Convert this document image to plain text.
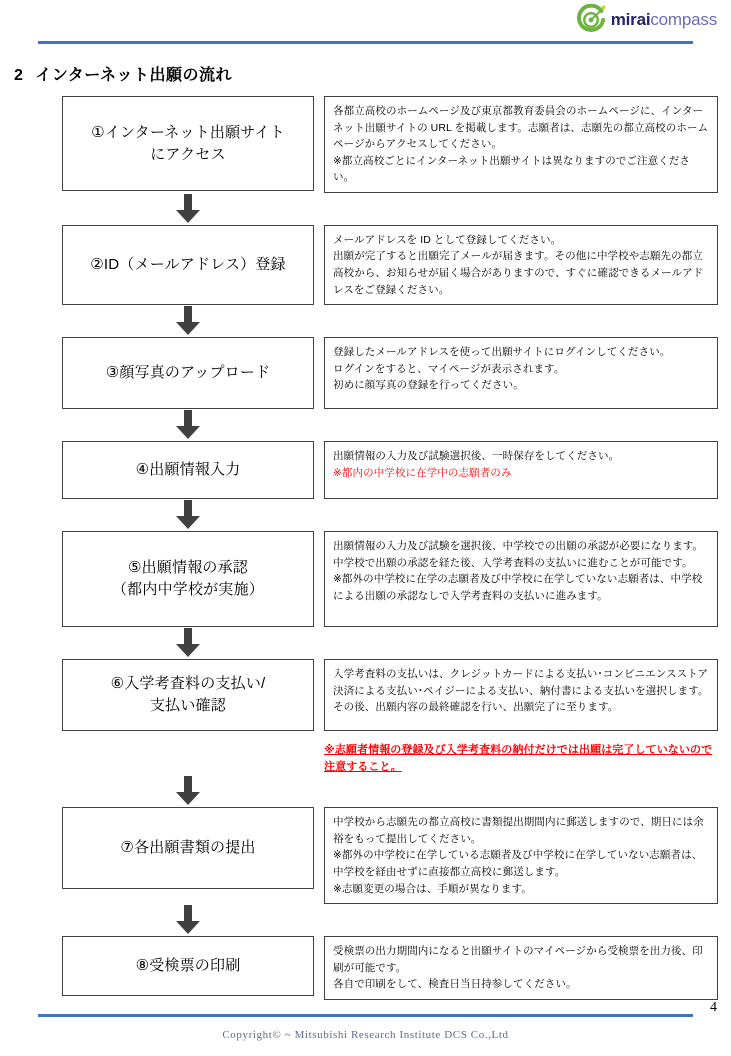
miraicompass
2 インターネット出願の流れ
①インターネット出願サイト
にアクセス

各都立高校のホームページ及び東京都教育委員会のホームページに、インターネット出願サイトの URL を掲載します。志願者は、志願先の都立高校のホームページからアクセスしてください。

※都立高校ごとにインターネット出願サイトは異なりますのでご注意ください。

②ID（メールアドレス）登録

メールアドレスを ID として登録してください。

出願が完了すると出願完了メールが届きます。その他に中学校や志願先の都立高校から、お知らせが届く場合がありますので、すぐに確認できるメールアドレスをご登録ください。

③顔写真のアップロード

登録したメールアドレスを使って出願サイトにログインしてください。

ログインをすると、マイページが表示されます。

初めに顔写真の登録を行ってください。

④出願情報入力

出願情報の入力及び試験選択後、一時保存をしてください。

※都内の中学校に在学中の志願者のみ

⑤出願情報の承認
（都内中学校が実施）

出願情報の入力及び試験を選択後、中学校での出願の承認が必要になります。中学校で出願の承認を経た後、入学考査料の支払いに進むことが可能です。

※都外の中学校に在学の志願者及び中学校に在学していない志願者は、中学校による出願の承認なしで入学考査料の支払いに進みます。

⑥入学考査料の支払い/
支払い確認

入学考査料の支払いは、クレジットカードによる支払い･コンビニエンスストア決済による支払い･ペイジーによる支払い、納付書による支払いを選択します。

その後、出願内容の最終確認を行い、出願完了に至ります。

※志願者情報の登録及び入学考査料の納付だけでは出願は完了していないので注意すること。
⑦各出願書類の提出

中学校から志願先の都立高校に書類提出期間内に郵送しますので、期日には余裕をもって提出してください。

※都外の中学校に在学している志願者及び中学校に在学していない志願者は、中学校を経由せずに直接都立高校に郵送します。

※志願変更の場合は、手順が異なります。

⑧受検票の印刷

受検票の出力期間内になると出願サイトのマイページから受検票を出力後、印刷が可能です。

各自で印刷をして、検査日当日持参してください。

4
Copyright© ~ Mitsubishi Research Institute DCS Co.,Ltd
